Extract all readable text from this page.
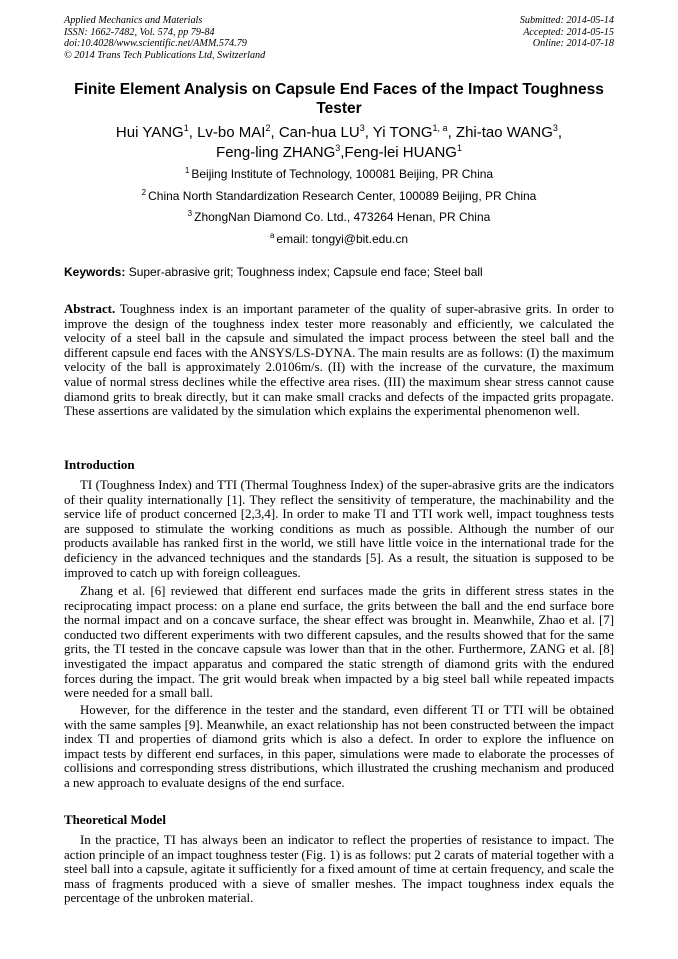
Applied Mechanics and Materials
ISSN: 1662-7482, Vol. 574, pp 79-84
doi:10.4028/www.scientific.net/AMM.574.79
© 2014 Trans Tech Publications Ltd, Switzerland
Submitted: 2014-05-14
Accepted: 2014-05-15
Online: 2014-07-18
Finite Element Analysis on Capsule End Faces of the Impact Toughness Tester
Hui YANG$^1$, Lv-bo MAI$^2$, Can-hua $LU^3$, Yi TONG$^{1, a}$, Zhi-tao WANG$^3$,
Feng-ling ZHANG$^3$,Feng-lei HUANG$^1$
$^1$ Beijing Institute of Technology, 100081 Beijing, PR China
$^2$ China North Standardization Research Center, 100089 Beijing, PR China
$^3$ ZhongNan Diamond Co. Ltd., 473264 Henan, PR China
$^a$ email: tongyi@bit.edu.cn
Keywords: Super-abrasive grit; Toughness index; Capsule end face; Steel ball

Abstract. Toughness index is an important parameter of the quality of super-abrasive grits. In order to improve the design of the toughness index tester more reasonably and efficiently, we calculated the velocity of a steel ball in the capsule and simulated the impact process between the steel ball and the different capsule end faces with the ANSYS/LS-DYNA. The main results are as follows: (I) the maximum velocity of the ball is approximately 2.0106m/s. (II) with the increase of the curvature, the maximum value of normal stress declines while the effective area rises. (III) the maximum shear stress cannot cause diamond grits to break directly, but it can make small cracks and defects of the impacted grits propagate. These assertions are validated by the simulation which explains the experimental phenomenon well.

Introduction

TI (Toughness Index) and TTI (Thermal Toughness Index) of the super-abrasive grits are the indicators of their quality internationally [1]. They reflect the sensitivity of temperature, the machinability and the service life of product concerned [2,3,4]. In order to make TI and TTI work well, impact toughness tests are supposed to stimulate the working conditions as much as possible. Although the number of our products available has ranked first in the world, we still have little voice in the international trade for the deficiency in the advanced techniques and the standards [5]. As a result, the situation is supposed to be improved to catch up with foreign colleagues.

Zhang et al. [6] reviewed that different end surfaces made the grits in different stress states in the reciprocating impact process: on a plane end surface, the grits between the ball and the end surface bore the normal impact and on a concave surface, the shear effect was brought in. Meanwhile, Zhao et al. [7] conducted two different experiments with two different capsules, and the results showed that for the same grits, the TI tested in the concave capsule was lower than that in the other. Furthermore, ZANG et al. [8] investigated the impact apparatus and compared the static strength of diamond grits with the endured forces during the impact. The grit would break when impacted by a big steel ball while repeated impacts were needed for a small ball.

However, for the difference in the tester and the standard, even different TI or TTI will be obtained with the same samples [9]. Meanwhile, an exact relationship has not been constructed between the impact index TI and properties of diamond grits which is also a defect. In order to explore the influence on impact tests by different end surfaces, in this paper, simulations were made to elaborate the processes of collisions and corresponding stress distributions, which illustrated the crushing mechanism and produced a new approach to evaluate designs of the end surface.

Theoretical Model

In the practice, TI has always been an indicator to reflect the properties of resistance to impact. The action principle of an impact toughness tester (Fig. 1) is as follows: put 2 carats of material together with a steel ball into a capsule, agitate it sufficiently for a fixed amount of time at certain frequency, and scale the mass of fragments produced with a sieve of smaller meshes. The impact toughness index equals the percentage of the unbroken material.
